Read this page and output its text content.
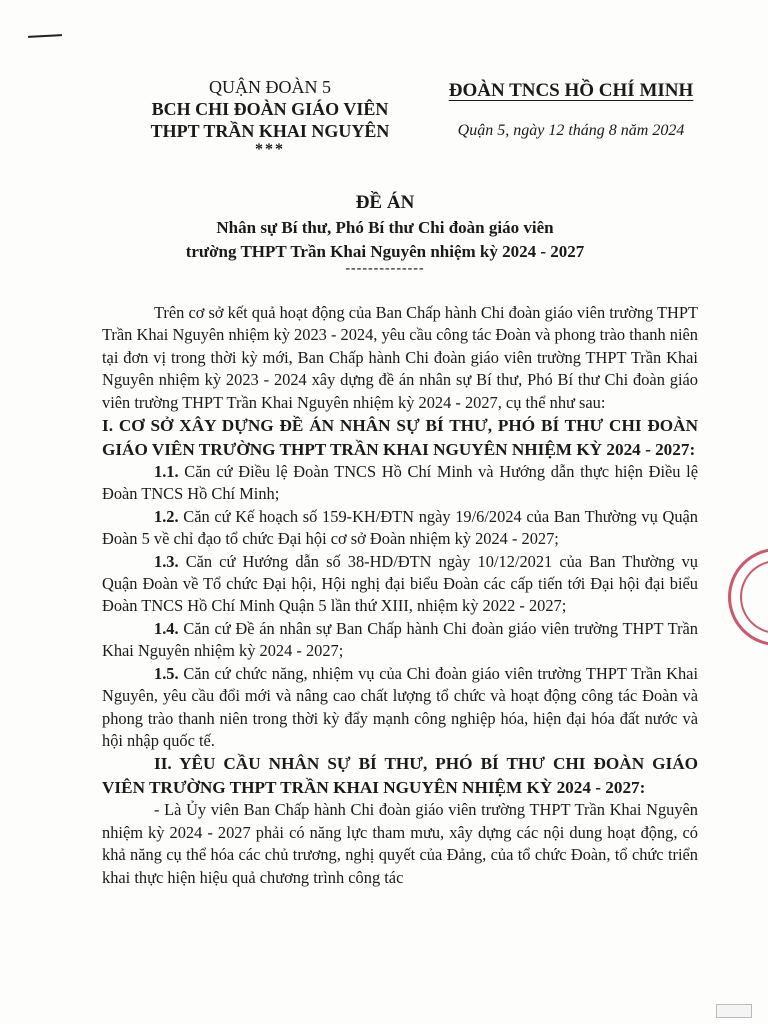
QUẬN ĐOÀN 5
BCH CHI ĐOÀN GIÁO VIÊN
THPT TRẦN KHAI NGUYÊN
***
ĐOÀN TNCS HỒ CHÍ MINH
Quận 5, ngày 12 tháng 8 năm 2024
ĐỀ ÁN
Nhân sự Bí thư, Phó Bí thư Chi đoàn giáo viên
trường THPT Trần Khai Nguyên nhiệm kỳ 2024 - 2027
--------------

Trên cơ sở kết quả hoạt động của Ban Chấp hành Chi đoàn giáo viên trường THPT Trần Khai Nguyên nhiệm kỳ 2023 - 2024, yêu cầu công tác Đoàn và phong trào thanh niên tại đơn vị trong thời kỳ mới, Ban Chấp hành Chi đoàn giáo viên trường THPT Trần Khai Nguyên nhiệm kỳ 2023 - 2024 xây dựng đề án nhân sự Bí thư, Phó Bí thư Chi đoàn giáo viên trường THPT Trần Khai Nguyên nhiệm kỳ 2024 - 2027, cụ thể như sau:

I. CƠ SỞ XÂY DỰNG ĐỀ ÁN NHÂN SỰ BÍ THƯ, PHÓ BÍ THƯ CHI ĐOÀN GIÁO VIÊN TRƯỜNG THPT TRẦN KHAI NGUYÊN NHIỆM KỲ 2024 - 2027:

1.1. Căn cứ Điều lệ Đoàn TNCS Hồ Chí Minh và Hướng dẫn thực hiện Điều lệ Đoàn TNCS Hồ Chí Minh;

1.2. Căn cứ Kế hoạch số 159-KH/ĐTN ngày 19/6/2024 của Ban Thường vụ Quận Đoàn 5 về chỉ đạo tổ chức Đại hội cơ sở Đoàn nhiệm kỳ 2024 - 2027;

1.3. Căn cứ Hướng dẫn số 38-HD/ĐTN ngày 10/12/2021 của Ban Thường vụ Quận Đoàn về Tổ chức Đại hội, Hội nghị đại biểu Đoàn các cấp tiến tới Đại hội đại biểu Đoàn TNCS Hồ Chí Minh Quận 5 lần thứ XIII, nhiệm kỳ 2022 - 2027;

1.4. Căn cứ Đề án nhân sự Ban Chấp hành Chi đoàn giáo viên trường THPT Trần Khai Nguyên nhiệm kỳ 2024 - 2027;

1.5. Căn cứ chức năng, nhiệm vụ của Chi đoàn giáo viên trường THPT Trần Khai Nguyên, yêu cầu đổi mới và nâng cao chất lượng tổ chức và hoạt động công tác Đoàn và phong trào thanh niên trong thời kỳ đẩy mạnh công nghiệp hóa, hiện đại hóa đất nước và hội nhập quốc tế.

II. YÊU CẦU NHÂN SỰ BÍ THƯ, PHÓ BÍ THƯ CHI ĐOÀN GIÁO VIÊN TRƯỜNG THPT TRẦN KHAI NGUYÊN NHIỆM KỲ 2024 - 2027:

- Là Ủy viên Ban Chấp hành Chi đoàn giáo viên trường THPT Trần Khai Nguyên nhiệm kỳ 2024 - 2027 phải có năng lực tham mưu, xây dựng các nội dung hoạt động, có khả năng cụ thể hóa các chủ trương, nghị quyết của Đảng, của tổ chức Đoàn, tổ chức triển khai thực hiện hiệu quả chương trình công tác
